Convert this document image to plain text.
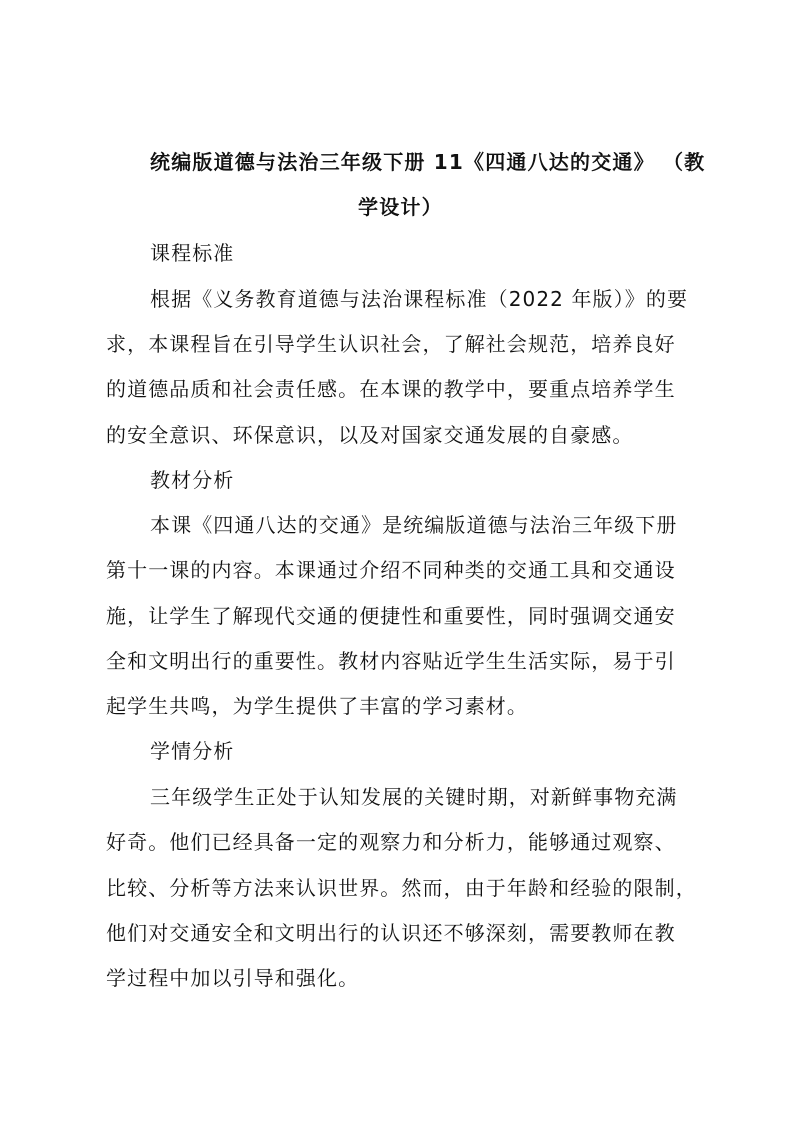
统编版道德与法治三年级下册 11《四通八达的交通》 （教
学设计）
课程标准
根据《义务教育道德与法治课程标准（2022 年版）》的要
求，本课程旨在引导学生认识社会，了解社会规范，培养良好
的道德品质和社会责任感。在本课的教学中，要重点培养学生
的安全意识、环保意识，以及对国家交通发展的自豪感。
教材分析
本课《四通八达的交通》是统编版道德与法治三年级下册
第十一课的内容。本课通过介绍不同种类的交通工具和交通设
施，让学生了解现代交通的便捷性和重要性，同时强调交通安
全和文明出行的重要性。教材内容贴近学生生活实际，易于引
起学生共鸣，为学生提供了丰富的学习素材。
学情分析
三年级学生正处于认知发展的关键时期，对新鲜事物充满
好奇。他们已经具备一定的观察力和分析力，能够通过观察、
比较、分析等方法来认识世界。然而，由于年龄和经验的限制，
他们对交通安全和文明出行的认识还不够深刻，需要教师在教
学过程中加以引导和强化。
